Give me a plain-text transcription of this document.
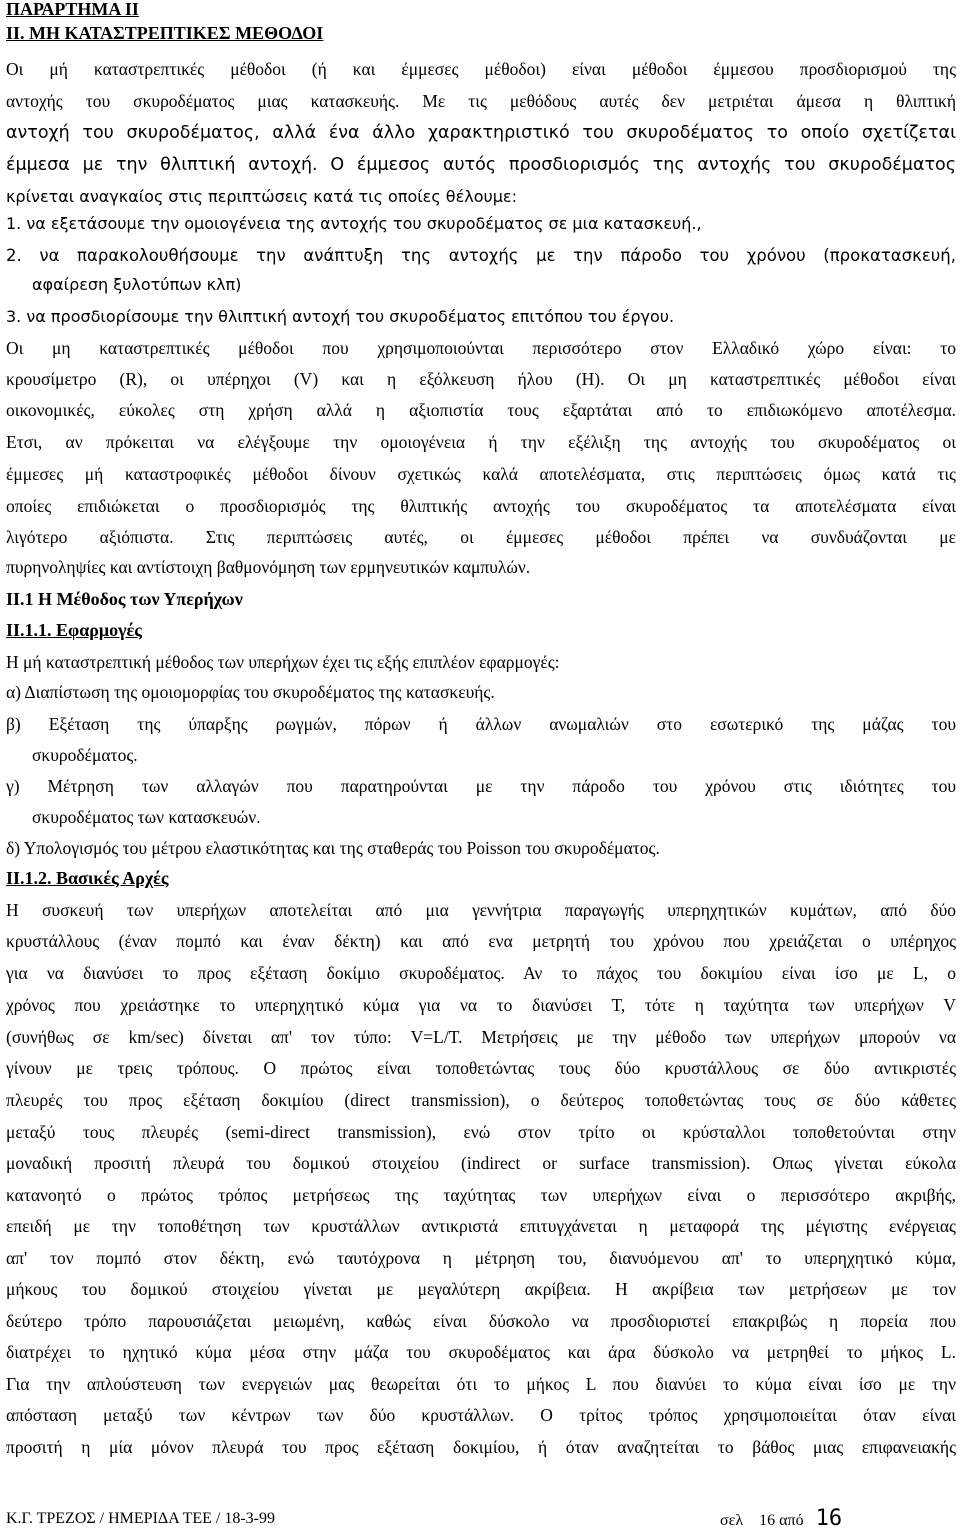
ΠΑΡΑΡΤΗΜΑ ΙΙ
ΙΙ. ΜΗ ΚΑΤΑΣΤΡΕΠΤΙΚΕΣ ΜΕΘΟΔΟΙ
Οι μή καταστρεπτικές μέθοδοι (ή και έμμεσες μέθοδοι) είναι μέθοδοι έμμεσου προσδιορισμού της
αντοχής του σκυροδέματος μιας κατασκευής. Με τις μεθόδους αυτές δεν μετριέται άμεσα η θλιπτική
αντοχή του σκυροδέματος, αλλά ένα άλλο χαρακτηριστικό του σκυροδέματος το οποίο σχετίζεται
έμμεσα με την θλιπτική αντοχή. Ο έμμεσος αυτός προσδιορισμός της αντοχής του σκυροδέματος
κρίνεται αναγκαίος στις περιπτώσεις κατά τις οποίες θέλουμε:
1. να εξετάσουμε την ομοιογένεια της αντοχής του σκυροδέματος σε μια κατασκευή.,
2. να παρακολουθήσουμε την ανάπτυξη της αντοχής με την πάροδο του χρόνου (προκατασκευή,
αφαίρεση ξυλοτύπων κλπ)
3. να προσδιορίσουμε την θλιπτική αντοχή του σκυροδέματος επιτόπου του έργου.
Οι μη καταστρεπτικές μέθοδοι που χρησιμοποιούνται περισσότερο στον Ελλαδικό χώρο είναι: το
κρουσίμετρο (R), οι υπέρηχοι (V) και η εξόλκευση ήλου (Η). Οι μη καταστρεπτικές μέθοδοι είναι
οικονομικές, εύκολες στη χρήση αλλά η αξιοπιστία τους εξαρτάται από το επιδιωκόμενο αποτέλεσμα.
Ετσι, αν πρόκειται να ελέγξουμε την ομοιογένεια ή την εξέλιξη της αντοχής του σκυροδέματος οι
έμμεσες μή καταστροφικές μέθοδοι δίνουν σχετικώς καλά αποτελέσματα, στις περιπτώσεις όμως κατά τις
οποίες επιδιώκεται ο προσδιορισμός της θλιπτικής αντοχής του σκυροδέματος τα αποτελέσματα είναι
λιγότερο αξιόπιστα. Στις περιπτώσεις αυτές, οι έμμεσες μέθοδοι πρέπει να συνδυάζονται με
πυρηνοληψίες και αντίστοιχη βαθμονόμηση των ερμηνευτικών καμπυλών.
ΙΙ.1 Η Μέθοδος των Υπερήχων
ΙΙ.1.1. Εφαρμογές
Η μή καταστρεπτική μέθοδος των υπερήχων έχει τις εξής επιπλέον εφαρμογές:
α) Διαπίστωση της ομοιομορφίας του σκυροδέματος της κατασκευής.
β) Εξέταση της ύπαρξης ρωγμών, πόρων ή άλλων ανωμαλιών στο εσωτερικό της μάζας του
σκυροδέματος.
γ) Μέτρηση των αλλαγών που παρατηρούνται με την πάροδο του χρόνου στις ιδιότητες του
σκυροδέματος των κατασκευών.
δ) Υπολογισμός του μέτρου ελαστικότητας και της σταθεράς του Poisson του σκυροδέματος.
ΙΙ.1.2. Βασικές Αρχές
Η συσκευή των υπερήχων αποτελείται από μια γεννήτρια παραγωγής υπερηχητικών κυμάτων, από δύο
κρυστάλλους (έναν πομπό και έναν δέκτη) και από ενα μετρητή του χρόνου που χρειάζεται ο υπέρηχος
για να διανύσει το προς εξέταση δοκίμιο σκυροδέματος. Αν το πάχος του δοκιμίου είναι ίσο με L, ο
χρόνος που χρειάστηκε το υπερηχητικό κύμα για να το διανύσει Τ, τότε η ταχύτητα των υπερήχων V
(συνήθως σε km/sec) δίνεται απ' τον τύπο: V=L/T. Μετρήσεις με την μέθοδο των υπερήχων μπορούν να
γίνουν με τρεις τρόπους. Ο πρώτος είναι τοποθετώντας τους δύο κρυστάλλους σε δύο αντικριστές
πλευρές του προς εξέταση δοκιμίου (direct transmission), ο δεύτερος τοποθετώντας τους σε δύο κάθετες
μεταξύ τους πλευρές (semi-direct transmission), ενώ στον τρίτο οι κρύσταλλοι τοποθετούνται στην
μοναδική προσιτή πλευρά του δομικού στοιχείου (indirect or surface transmission). Οπως γίνεται εύκολα
κατανοητό ο πρώτος τρόπος μετρήσεως της ταχύτητας των υπερήχων είναι ο περισσότερο ακριβής,
επειδή με την τοποθέτηση των κρυστάλλων αντικριστά επιτυγχάνεται η μεταφορά της μέγιστης ενέργειας
απ' τον πομπό στον δέκτη, ενώ ταυτόχρονα η μέτρηση του, διανυόμενου απ' το υπερηχητικό κύμα,
μήκους του δομικού στοιχείου γίνεται με μεγαλύτερη ακρίβεια. Η ακρίβεια των μετρήσεων με τον
δεύτερο τρόπο παρουσιάζεται μειωμένη, καθώς είναι δύσκολο να προσδιοριστεί επακριβώς η πορεία που
διατρέχει το ηχητικό κύμα μέσα στην μάζα του σκυροδέματος και άρα δύσκολο να μετρηθεί το μήκος L.
Για την απλούστευση των ενεργειών μας θεωρείται ότι το μήκος L που διανύει το κύμα είναι ίσο με την
απόσταση μεταξύ των κέντρων των δύο κρυστάλλων. Ο τρίτος τρόπος χρησιμοποιείται όταν είναι
προσιτή η μία μόνον πλευρά του προς εξέταση δοκιμίου, ή όταν αναζητείται το βάθος μιας επιφανειακής
Κ.Γ. ΤΡΕΖΟΣ / ΗΜΕΡΙΔΑ ΤΕΕ / 18-3-99	σελ 16 από 16
